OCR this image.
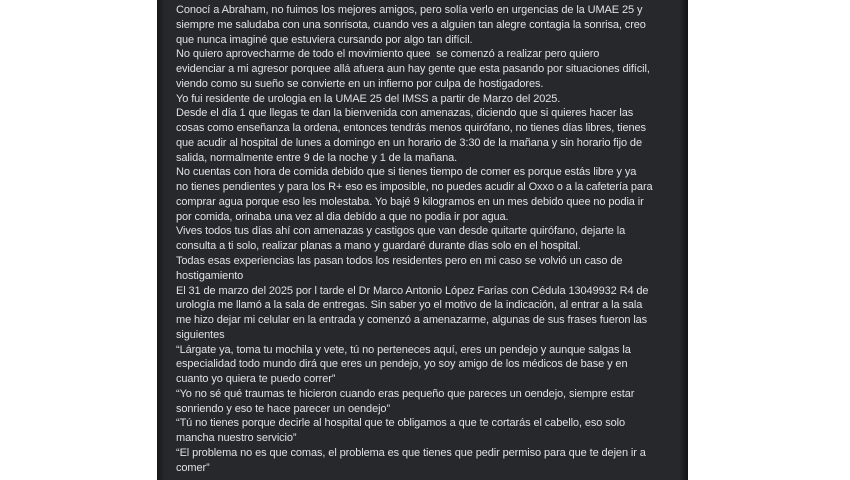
Conocí a Abraham, no fuimos los mejores amigos, pero solía verlo en urgencias de la UMAE 25 y
siempre me saludaba con una sonrisota, cuando ves a alguien tan alegre contagia la sonrisa, creo
que nunca imaginé que estuviera cursando por algo tan difícil.
No quiero aprovecharme de todo el movimiento quee  se comenzó a realizar pero quiero
evidenciar a mi agresor porquee allá afuera aun hay gente que esta pasando por situaciones difícil,
viendo como su sueño se convierte en un infierno por culpa de hostigadores.
Yo fui residente de urologia en la UMAE 25 del IMSS a partir de Marzo del 2025.
Desde el día 1 que llegas te dan la bienvenida con amenazas, diciendo que si quieres hacer las
cosas como enseñanza la ordena, entonces tendrás menos quirófano, no tienes días libres, tienes
que acudir al hospital de lunes a domingo en un horario de 3:30 de la mañana y sin horario fijo de
salida, normalmente entre 9 de la noche y 1 de la mañana.
No cuentas con hora de comida debido que si tienes tiempo de comer es porque estás libre y ya
no tienes pendientes y para los R+ eso es imposible, no puedes acudir al Oxxo o a la cafetería para
comprar agua porque eso les molestaba. Yo bajé 9 kilogramos en un mes debido quee no podia ir
por comida, orinaba una vez al dia debído a que no podia ir por agua.
Vives todos tus días ahí con amenazas y castigos que van desde quitarte quirófano, dejarte la
consulta a ti solo, realizar planas a mano y guardaré durante días solo en el hospital.
Todas esas experiencias las pasan todos los residentes pero en mi caso se volvió un caso de
hostigamiento
El 31 de marzo del 2025 por l tarde el Dr Marco Antonio López Farías con Cédula 13049932 R4 de
urología me llamó a la sala de entregas. Sin saber yo el motivo de la indicación, al entrar a la sala
me hizo dejar mi celular en la entrada y comenzó a amenazarme, algunas de sus frases fueron las
siguientes
“Lárgate ya, toma tu mochila y vete, tú no perteneces aquí, eres un pendejo y aunque salgas la
especialidad todo mundo dirá que eres un pendejo, yo soy amigo de los médicos de base y en
cuanto yo quiera te puedo correr”
“Yo no sé qué traumas te hicieron cuando eras pequeño que pareces un oendejo, siempre estar
sonriendo y eso te hace parecer un oendejo”
“Tú no tienes porque decirle al hospital que te obligamos a que te cortarás el cabello, eso solo
mancha nuestro servicio”
“El problema no es que comas, el problema es que tienes que pedir permiso para que te dejen ir a
comer”
